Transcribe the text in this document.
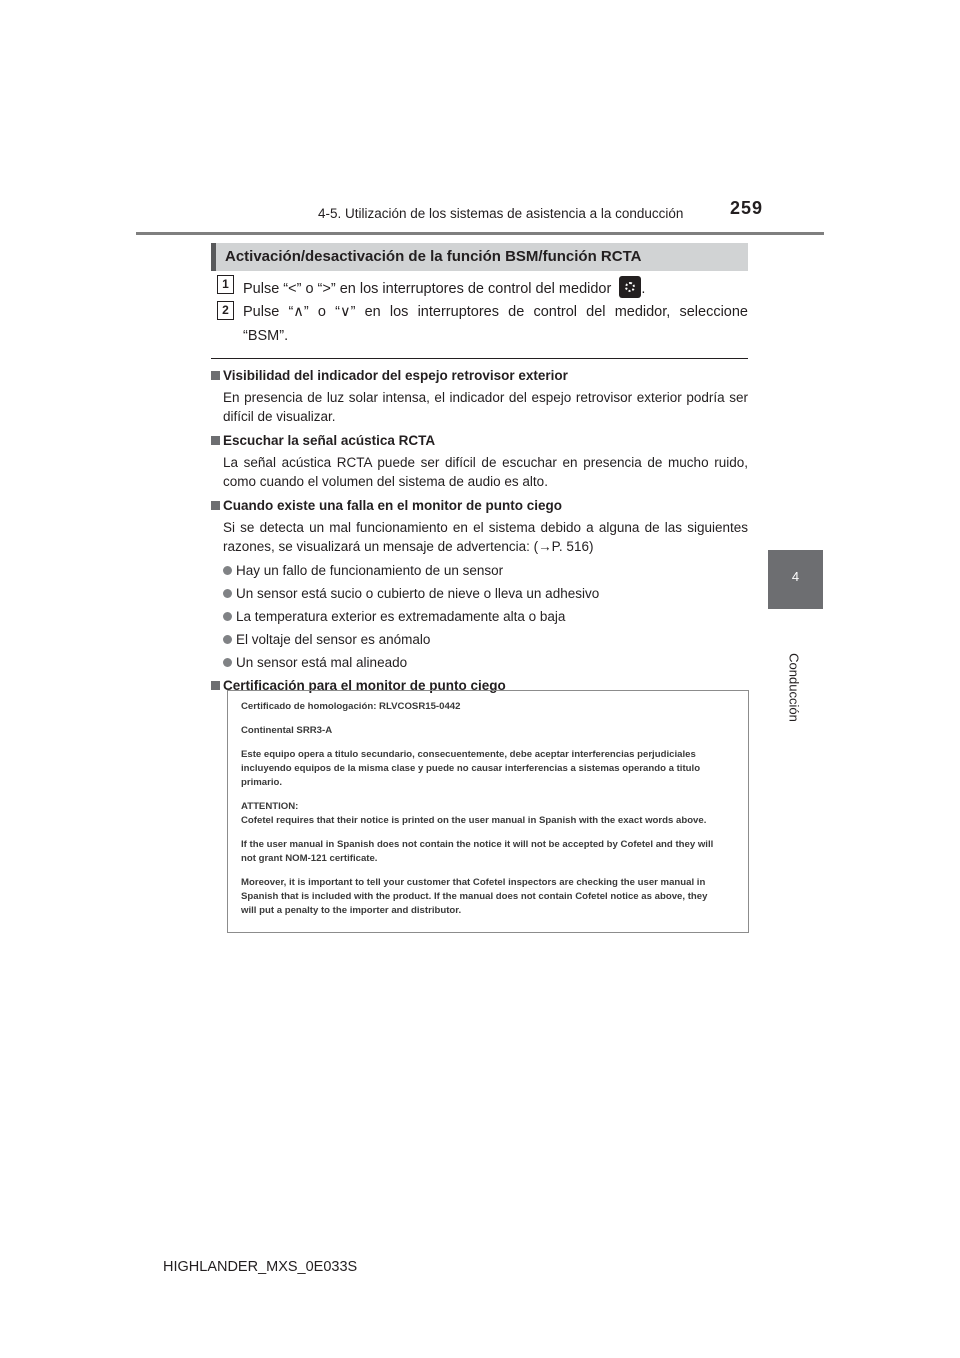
4-5. Utilización de los sistemas de asistencia a la conducción	259
4
Conducción
Activación/desactivación de la función BSM/función RCTA
1 Pulse “<” o “>” en los interruptores de control del medidor .
2 Pulse “∧” o “∨” en los interruptores de control del medidor, seleccione
“BSM”.

Visibilidad del indicador del espejo retrovisor exterior

En presencia de luz solar intensa, el indicador del espejo retrovisor exterior podría ser difícil de visualizar.

Escuchar la señal acústica RCTA

La señal acústica RCTA puede ser difícil de escuchar en presencia de mucho ruido, como cuando el volumen del sistema de audio es alto.

Cuando existe una falla en el monitor de punto ciego

Si se detecta un mal funcionamiento en el sistema debido a alguna de las siguientes razones, se visualizará un mensaje de advertencia: (→P. 516)

Hay un fallo de funcionamiento de un sensor

Un sensor está sucio o cubierto de nieve o lleva un adhesivo

La temperatura exterior es extremadamente alta o baja

El voltaje del sensor es anómalo

Un sensor está mal alineado

Certificación para el monitor de punto ciego

Certificado de homologación: RLVCOSR15-0442

Continental SRR3-A

Este equipo opera a titulo secundario, consecuentemente, debe aceptar interferencias perjudiciales

incluyendo equipos de la misma clase y puede no causar interferencias a sistemas operando a titulo

primario.

ATTENTION:

Cofetel requires that their notice is printed on the user manual in Spanish with the exact words above.

If the user manual in Spanish does not contain the notice it will not be accepted by Cofetel and they will

not grant NOM-121 certificate.

Moreover, it is important to tell your customer that Cofetel inspectors are checking the user manual in

Spanish that is included with the product. If the manual does not contain Cofetel notice as above, they

will put a penalty to the importer and distributor.

HIGHLANDER_MXS_0E033S
